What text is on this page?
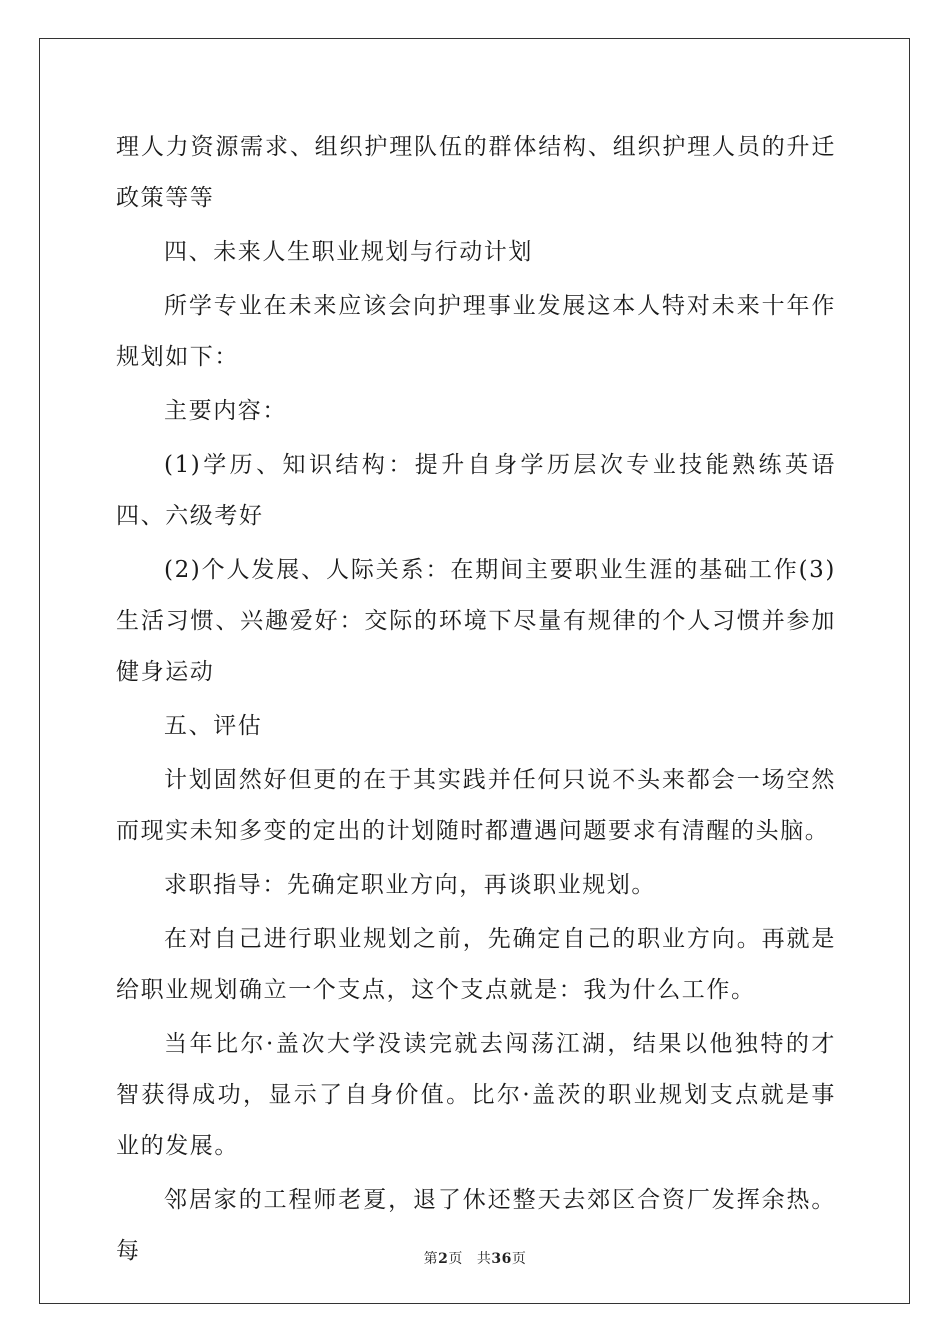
理人力资源需求、组织护理队伍的群体结构、组织护理人员的升迁政策等等

四、未来人生职业规划与行动计划

所学专业在未来应该会向护理事业发展这本人特对未来十年作规划如下：

主要内容：

(1)学历、知识结构：提升自身学历层次专业技能熟练英语四、六级考好

(2)个人发展、人际关系：在期间主要职业生涯的基础工作(3)生活习惯、兴趣爱好：交际的环境下尽量有规律的个人习惯并参加健身运动

五、评估

计划固然好但更的在于其实践并任何只说不头来都会一场空然而现实未知多变的定出的计划随时都遭遇问题要求有清醒的头脑。

求职指导：先确定职业方向，再谈职业规划。

在对自己进行职业规划之前，先确定自己的职业方向。再就是给职业规划确立一个支点，这个支点就是：我为什么工作。

当年比尔·盖次大学没读完就去闯荡江湖，结果以他独特的才智获得成功，显示了自身价值。比尔·盖茨的职业规划支点就是事业的发展。

邻居家的工程师老夏，退了休还整天去郊区合资厂发挥余热。每	第2页 共36页
